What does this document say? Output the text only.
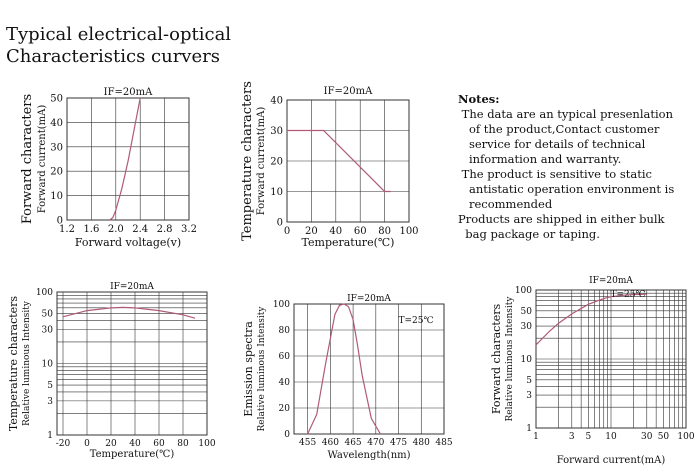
Typical electrical-optical
Characteristics curvers
Notes:
The data are an typical presenlation
of the product,Contact customer
service for details of technical
information and warranty.
The product is sensitive to static
antistatic operation environment is
recommended
Products are shipped in either bulk
bag package or taping.
1.2 1.6 2.0 2.4 2.8 3.2
0
10
20
30
40
50
IF=20mA
Forward voltage(v)
Forward characters Forward current(mA)
0 20 40 60 80 100
0
10
20
30
40
IF=20mA
Temperature(℃)
Temperature characters Forward current(mA)
-20 0 20 40 60 80 100
1
3
5
10
30
50
100
IF=20mA
Temperature(℃)
Temperature characters Relative luminous Intensity
455 460 465 470 475 480 485
0
20
40
60
80
100
IF=20mA
Wavelength(nm)
Emission spectra Relative luminous Intensity	T=25℃
1	3 5 10	30 50 100
1
3
5
10
30
50
100
IF=20mA
Forward current(mA)
Forward characters Relative luminous Intensity
T=25℃
